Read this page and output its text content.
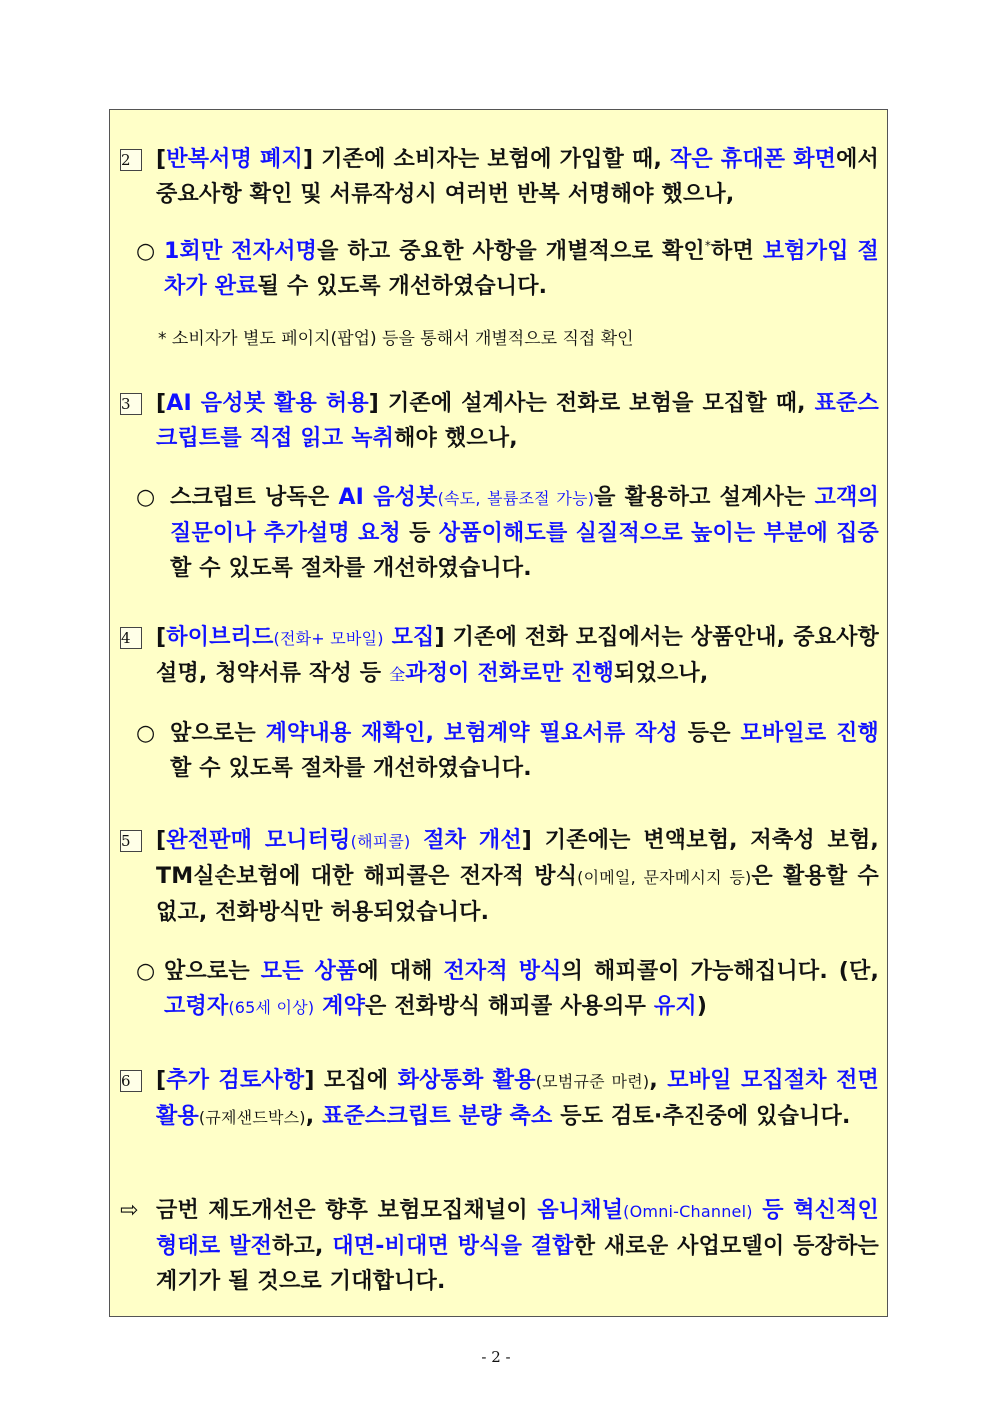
2	[반복서명 폐지] 기존에 소비자는 보험에 가입할 때, 작은 휴대폰 화면에서 중요사항 확인 및 서류작성시 여러번 반복 서명해야 했으나,
○ 1회만 전자서명을 하고 중요한 사항을 개별적으로 확인*하면 보험가입 절차가 완료될 수 있도록 개선하였습니다.
* 소비자가 별도 페이지(팝업) 등을 통해서 개별적으로 직접 확인
3	[AI 음성봇 활용 허용] 기존에 설계사는 전화로 보험을 모집할 때, 표준스크립트를 직접 읽고 녹취해야 했으나,
○ 스크립트 낭독은 AI 음성봇(속도, 볼륨조절 가능)을 활용하고 설계사는 고객의 질문이나 추가설명 요청 등 상품이해도를 실질적으로 높이는 부분에 집중할 수 있도록 절차를 개선하였습니다.
4	[하이브리드(전화+ 모바일) 모집] 기존에 전화 모집에서는 상품안내, 중요사항 설명, 청약서류 작성 등 全과정이 전화로만 진행되었으나,
○ 앞으로는 계약내용 재확인, 보험계약 필요서류 작성 등은 모바일로 진행할 수 있도록 절차를 개선하였습니다.
5	[완전판매 모니터링(해피콜) 절차 개선] 기존에는 변액보험, 저축성 보험, TM실손보험에 대한 해피콜은 전자적 방식(이메일, 문자메시지 등)은 활용할 수 없고, 전화방식만 허용되었습니다.
○ 앞으로는 모든 상품에 대해 전자적 방식의 해피콜이 가능해집니다. (단, 고령자(65세 이상) 계약은 전화방식 해피콜 사용의무 유지)
6	[추가 검토사항] 모집에 화상통화 활용(모범규준 마련), 모바일 모집절차 전면 활용(규제샌드박스), 표준스크립트 분량 축소 등도 검토·추진중에 있습니다.
⇨ 금번 제도개선은 향후 보험모집채널이 옴니채널(Omni-Channel) 등 혁신적인 형태로 발전하고, 대면-비대면 방식을 결합한 새로운 사업모델이 등장하는 계기가 될 것으로 기대합니다.
- 2 -
